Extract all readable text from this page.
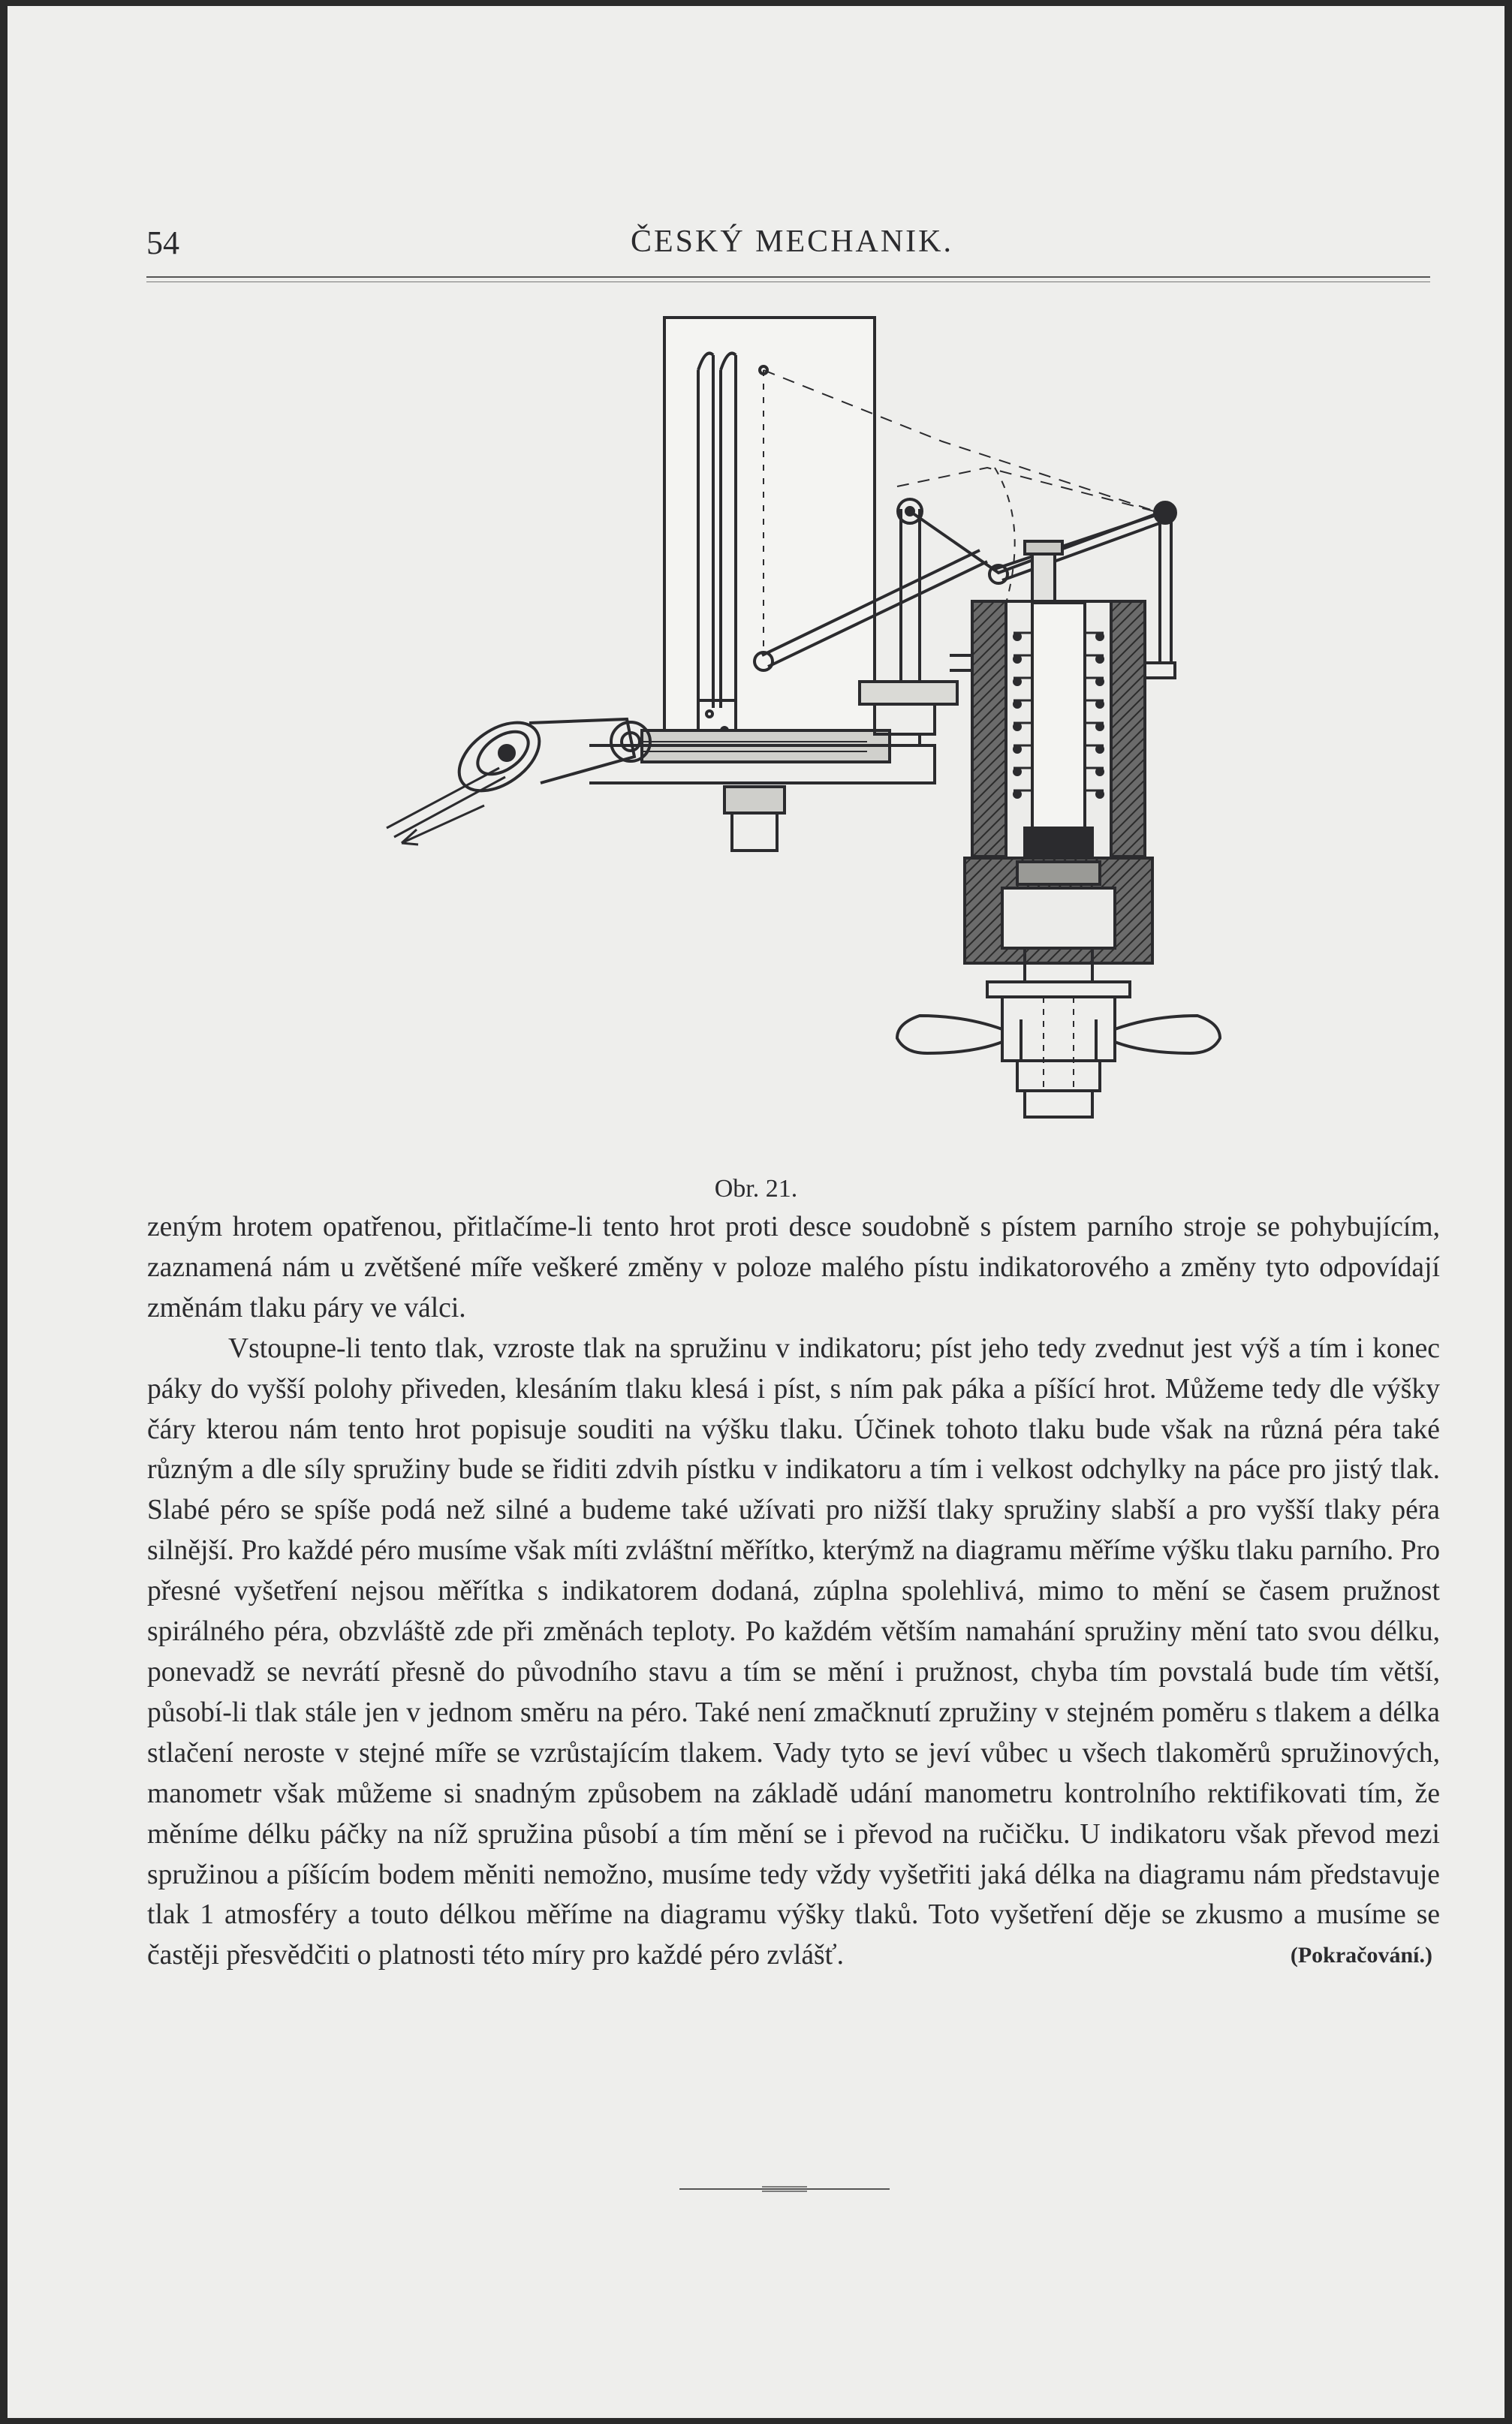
ČESKÝ MECHANIK.
54
Obr. 21.

zeným hrotem opatřenou, přitlačíme-li tento hrot proti desce soudobně s pístem parního stroje se pohybujícím, zaznamená nám u zvětšené míře veškeré změny v poloze malého pístu indikatorového a změny tyto odpovídají změnám tlaku páry ve válci.

Vstoupne-li tento tlak, vzroste tlak na spružinu v indikatoru; píst jeho tedy zvednut jest výš a tím i konec páky do vyšší polohy přiveden, klesáním tlaku klesá i píst, s ním pak páka a píšící hrot. Můžeme tedy dle výšky čáry kterou nám tento hrot popisuje souditi na výšku tlaku. Účinek tohoto tlaku bude však na různá péra také různým a dle síly spružiny bude se řiditi zdvih pístku v indikatoru a tím i velkost odchylky na páce pro jistý tlak. Slabé péro se spíše podá než silné a budeme také užívati pro nižší tlaky spružiny slabší a pro vyšší tlaky péra silnější. Pro každé péro musíme však míti zvláštní měřítko, kterýmž na diagramu měříme výšku tlaku parního. Pro přesné vyšetření nejsou měřítka s indikatorem dodaná, zúplna spolehlivá, mimo to mění se časem pružnost spirálného péra, obzvláště zde při změnách teploty. Po každém větším namahání spružiny mění tato svou délku, ponevadž se nevrátí přesně do původního stavu a tím se mění i pružnost, chyba tím povstalá bude tím větší, působí-li tlak stále jen v jednom směru na péro. Také není zmačknutí zpružiny v stejném poměru s tlakem a délka stlačení neroste v stejné míře se vzrůstajícím tlakem. Vady tyto se jeví vůbec u všech tlakoměrů spružinových, manometr však můžeme si snadným způsobem na základě udání manometru kontrolního rektifikovati tím, že měníme délku páčky na níž spružina působí a tím mění se i převod na ručičku. U indikatoru však převod mezi spružinou a píšícím bodem měniti nemožno, musíme tedy vždy vyšetřiti jaká délka na diagramu nám představuje tlak 1 atmosféry a touto délkou měříme na diagramu výšky tlaků. Toto vyšetření děje se zkusmo a musíme se častěji přesvědčiti o platnosti této míry pro každé péro zvlášť.	(Pokračování.)
